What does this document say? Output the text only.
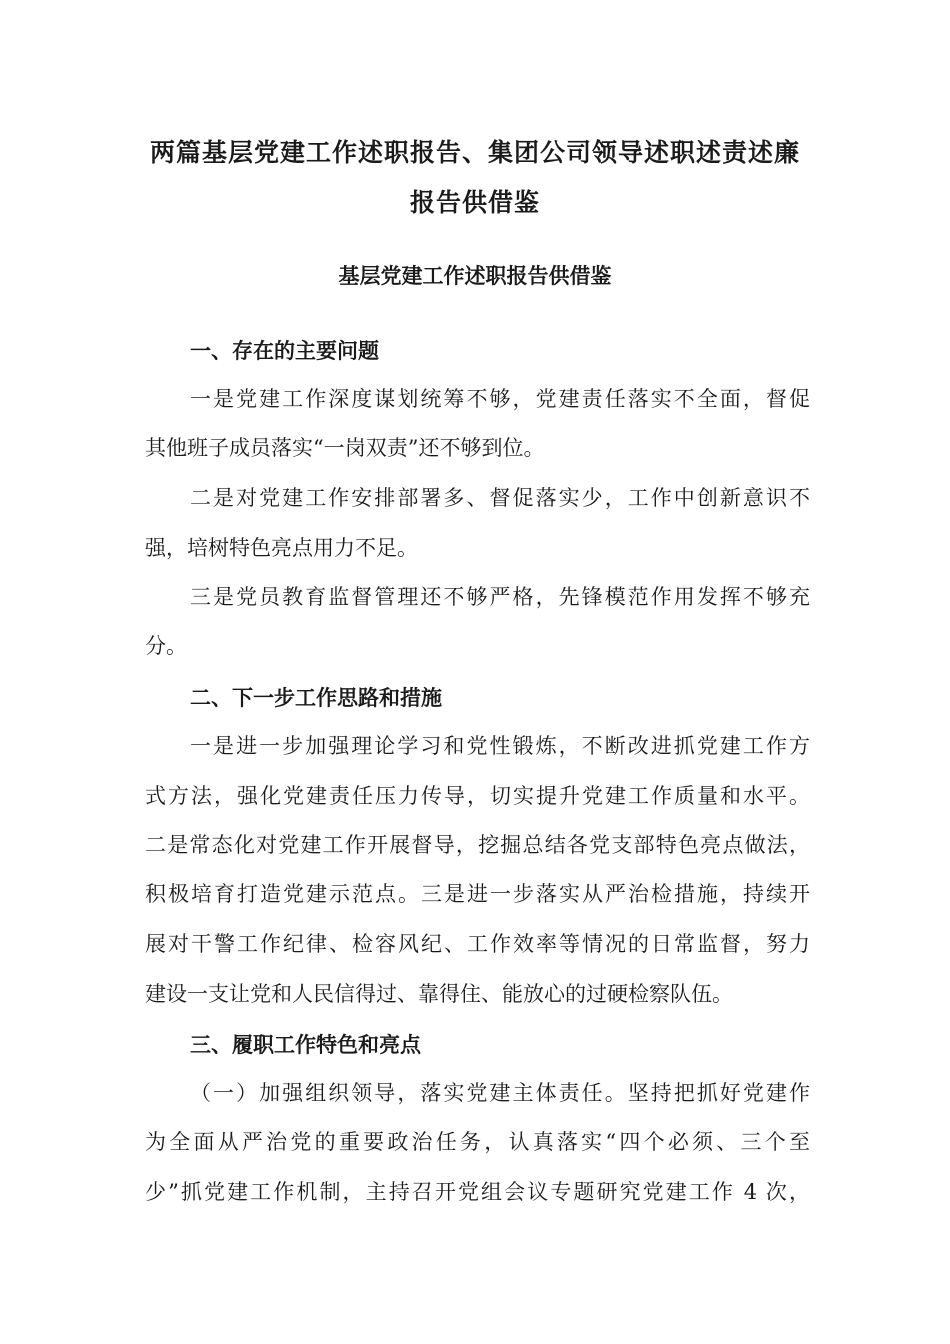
两篇基层党建工作述职报告、集团公司领导述职述责述廉
报告供借鉴
基层党建工作述职报告供借鉴
一、存在的主要问题
一是党建工作深度谋划统筹不够，党建责任落实不全面，督促
其他班子成员落实“一岗双责”还不够到位。
二是对党建工作安排部署多、督促落实少，工作中创新意识不
强，培树特色亮点用力不足。
三是党员教育监督管理还不够严格，先锋模范作用发挥不够充
分。
二、下一步工作思路和措施
一是进一步加强理论学习和党性锻炼，不断改进抓党建工作方
式方法，强化党建责任压力传导，切实提升党建工作质量和水平。
二是常态化对党建工作开展督导，挖掘总结各党支部特色亮点做法，
积极培育打造党建示范点。三是进一步落实从严治检措施，持续开
展对干警工作纪律、检容风纪、工作效率等情况的日常监督，努力
建设一支让党和人民信得过、靠得住、能放心的过硬检察队伍。
三、履职工作特色和亮点
（一）加强组织领导，落实党建主体责任。坚持把抓好党建作
为全面从严治党的重要政治任务，认真落实“四个必须、三个至
少”抓党建工作机制，主持召开党组会议专题研究党建工作 4 次，
